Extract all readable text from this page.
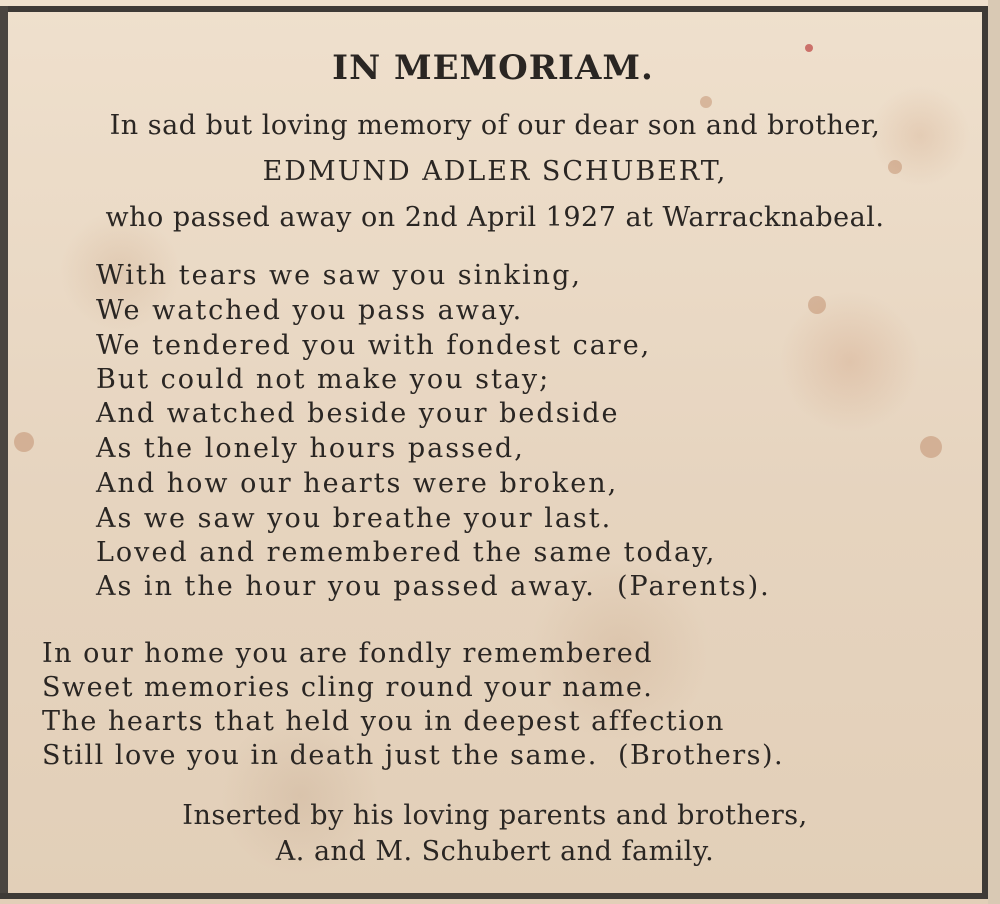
IN MEMORIAM.
In sad but loving memory of our dear son and brother,
EDMUND ADLER SCHUBERT,
who passed away on 2nd April 1927 at Warracknabeal.
With tears we saw you sinking,
We watched you pass away.
We tendered you with fondest care,
But could not make you stay;
And watched beside your bedside
As the lonely hours passed,
And how our hearts were broken,
As we saw you breathe your last.
Loved and remembered the same today,
As in the hour you passed away.  (Parents).
In our home you are fondly remembered
Sweet memories cling round your name.
The hearts that held you in deepest affection
Still love you in death just the same.  (Brothers).
Inserted by his loving parents and brothers,
A. and M. Schubert and family.
